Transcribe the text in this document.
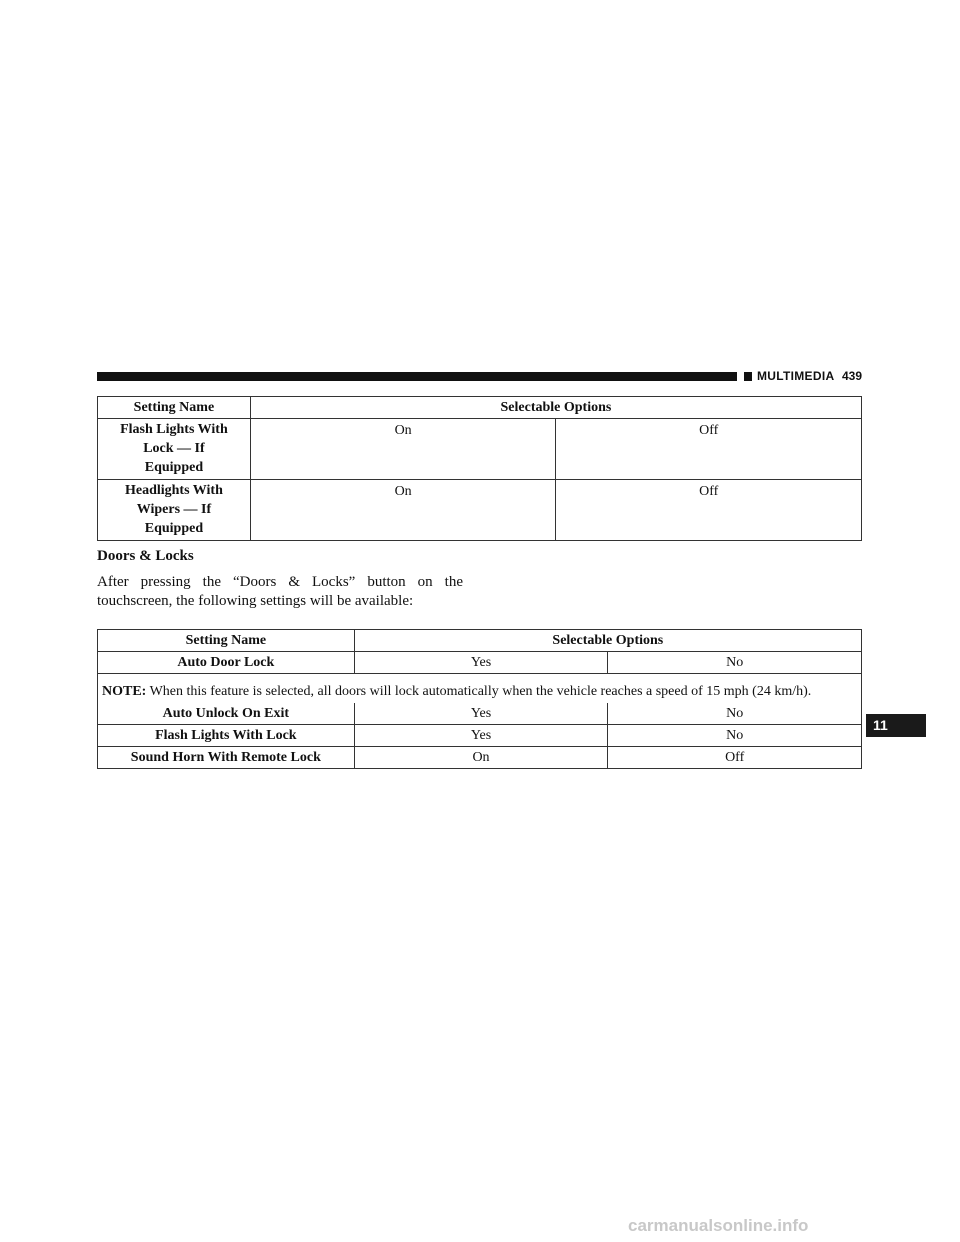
MULTIMEDIA 439
Setting Name	Selectable Options	

Flash Lights With
Lock — If
Equipped	On	Off

Headlights With
Wipers — If
Equipped	On	Off
Doors & Locks
After pressing the “Doors & Locks” button on the touchscreen, the following settings will be available:
Setting Name	Selectable Options	
Auto Door Lock	Yes	No
NOTE: When this feature is selected, all doors will lock automatically when the vehicle reaches a speed of 15 mph (24 km/h).		
Auto Unlock On Exit	Yes	No
Flash Lights With Lock	Yes	No
Sound Horn With Remote Lock	On	Off
11
carmanualsonline.info
